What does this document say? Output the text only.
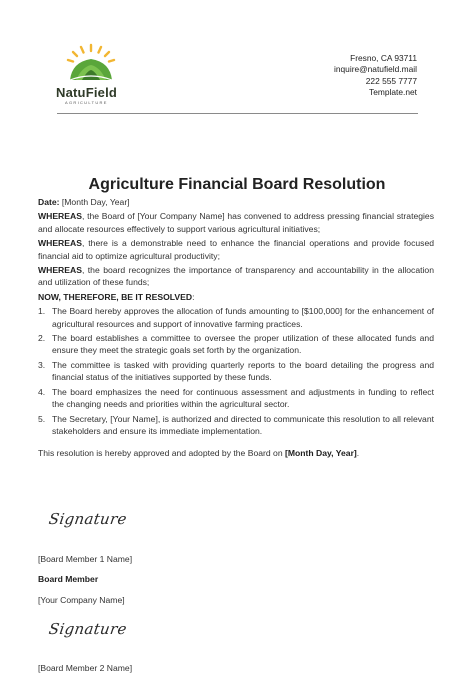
NatuField
AGRICULTURE
Fresno, CA 93711
inquire@natufield.mail
222 555 7777
Template.net
Agriculture Financial Board Resolution

Date: [Month Day, Year]

WHEREAS, the Board of [Your Company Name] has convened to address pressing financial strategies and allocate resources effectively to support various agricultural initiatives;

WHEREAS, there is a demonstrable need to enhance the financial operations and provide focused financial aid to optimize agricultural productivity;

WHEREAS, the board recognizes the importance of transparency and accountability in the allocation and utilization of these funds;

NOW, THEREFORE, BE IT RESOLVED:

1. The Board hereby approves the allocation of funds amounting to [$100,000] for the enhancement of agricultural resources and support of innovative farming practices.
2. The board establishes a committee to oversee the proper utilization of these allocated funds and ensure they meet the strategic goals set forth by the organization.
3. The committee is tasked with providing quarterly reports to the board detailing the progress and financial status of the initiatives supported by these funds.
4. The board emphasizes the need for continuous assessment and adjustments in funding to reflect the changing needs and priorities within the agricultural sector.
5. The Secretary, [Your Name], is authorized and directed to communicate this resolution to all relevant stakeholders and ensure its immediate implementation.

This resolution is hereby approved and adopted by the Board on [Month Day, Year].

Signature
[Board Member 1 Name]
Board Member
[Your Company Name]
Signature
[Board Member 2 Name]
